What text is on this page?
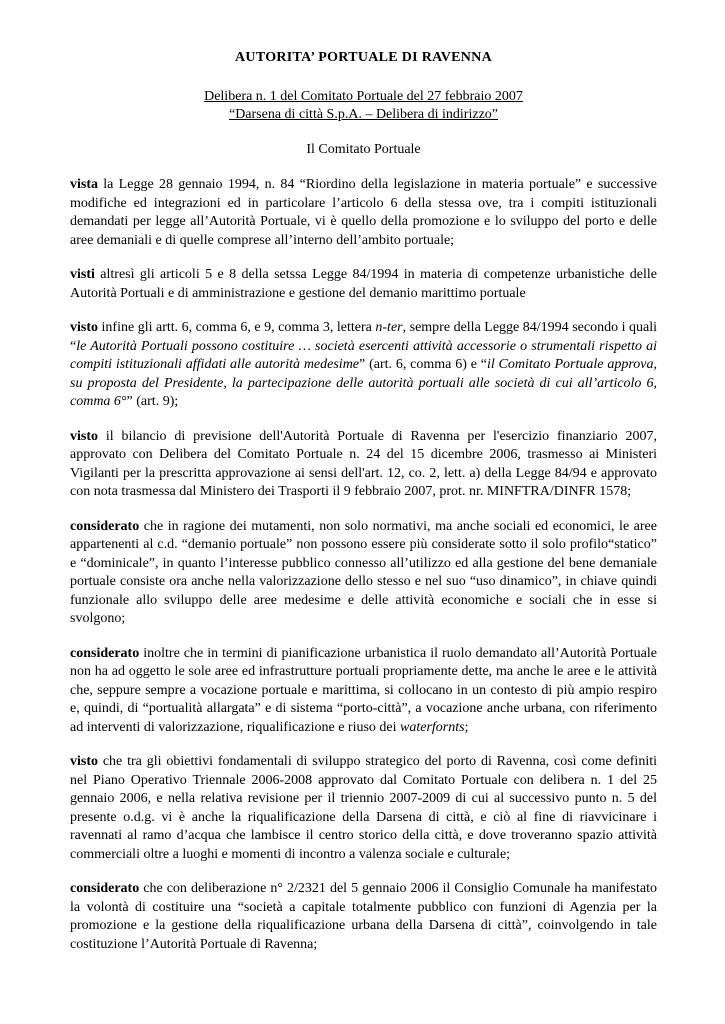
AUTORITA’ PORTUALE DI RAVENNA
Delibera n. 1 del Comitato Portuale del 27 febbraio 2007
“Darsena di città S.p.A. – Delibera di indirizzo”
Il Comitato Portuale

vista la Legge 28 gennaio 1994, n. 84 “Riordino della legislazione in materia portuale” e successive modifiche ed integrazioni ed in particolare l’articolo 6 della stessa ove, tra i compiti istituzionali demandati per legge all’Autorità Portuale, vi è quello della promozione e lo sviluppo del porto e delle aree demaniali e di quelle comprese all’interno dell’ambito portuale;

visti altresì gli articoli 5 e 8 della setssa Legge 84/1994 in materia di competenze urbanistiche delle Autorità Portuali e di amministrazione e gestione del demanio marittimo portuale

visto infine gli artt. 6, comma 6, e 9, comma 3, lettera n-ter, sempre della Legge 84/1994 secondo i quali “le Autorità Portuali possono costituire … società esercenti attività accessorie o strumentali rispetto ai compiti istituzionali affidati alle autorità medesime” (art. 6, comma 6) e “il Comitato Portuale approva, su proposta del Presidente, la partecipazione delle autorità portuali alle società di cui all’articolo 6, comma 6°” (art. 9);

visto il bilancio di previsione dell'Autorità Portuale di Ravenna per l'esercizio finanziario 2007, approvato con Delibera del Comitato Portuale n. 24 del 15 dicembre 2006, trasmesso ai Ministeri Vigilanti per la prescritta approvazione ai sensi dell'art. 12, co. 2, lett. a) della Legge 84/94 e approvato con nota trasmessa dal Ministero dei Trasporti il 9 febbraio 2007, prot. nr. MINFTRA/DINFR 1578;

considerato che in ragione dei mutamenti, non solo normativi, ma anche sociali ed economici, le aree appartenenti al c.d. “demanio portuale” non possono essere più considerate sotto il solo profilo“statico” e “dominicale”, in quanto l’interesse pubblico connesso all’utilizzo ed alla gestione del bene demaniale portuale consiste ora anche nella valorizzazione dello stesso e nel suo “uso dinamico”, in chiave quindi funzionale allo sviluppo delle aree medesime e delle attività economiche e sociali che in esse si svolgono;

considerato inoltre che in termini di pianificazione urbanistica il ruolo demandato all’Autorità Portuale non ha ad oggetto le sole aree ed infrastrutture portuali propriamente dette, ma anche le aree e le attività che, seppure sempre a vocazione portuale e marittima, si collocano in un contesto di più ampio respiro e, quindi, di “portualità allargata” e di sistema “porto-città”, a vocazione anche urbana, con riferimento ad interventi di valorizzazione, riqualificazione e riuso dei waterfornts;

visto che tra gli obiettivi fondamentali di sviluppo strategico del porto di Ravenna, così come definiti nel Piano Operativo Triennale 2006-2008 approvato dal Comitato Portuale con delibera n. 1 del 25 gennaio 2006, e nella relativa revisione per il triennio 2007-2009 di cui al successivo punto n. 5 del presente o.d.g. vi è anche la riqualificazione della Darsena di città, e ciò al fine di riavvicinare i ravennati al ramo d’acqua che lambisce il centro storico della città, e dove troveranno spazio attività commerciali oltre a luoghi e momenti di incontro a valenza sociale e culturale;

considerato che con deliberazione n° 2/2321 del 5 gennaio 2006 il Consiglio Comunale ha manifestato la volontà di costituire una “società a capitale totalmente pubblico con funzioni di Agenzia per la promozione e la gestione della riqualificazione urbana della Darsena di città”, coinvolgendo in tale costituzione l’Autorità Portuale di Ravenna;
